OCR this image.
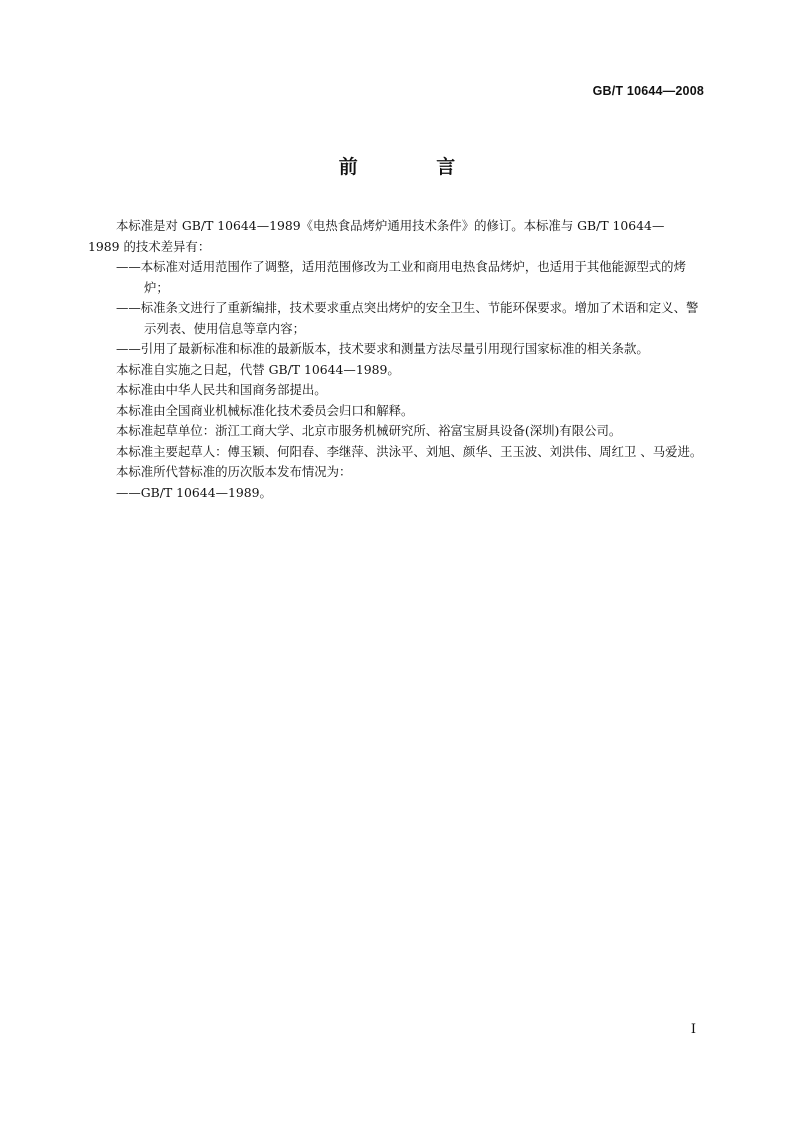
GB/T 10644—2008
前 言

本标准是对 GB/T 10644—1989《电热食品烤炉通用技术条件》的修订。本标准与 GB/T 10644—

1989 的技术差异有：

——本标准对适用范围作了调整，适用范围修改为工业和商用电热食品烤炉，也适用于其他能源型式的烤炉；

——标准条文进行了重新编排，技术要求重点突出烤炉的安全卫生、节能环保要求。增加了术语和定义、警示列表、使用信息等章内容；

——引用了最新标准和标准的最新版本，技术要求和测量方法尽量引用现行国家标准的相关条款。

本标准自实施之日起，代替 GB/T 10644—1989。

本标准由中华人民共和国商务部提出。

本标准由全国商业机械标准化技术委员会归口和解释。

本标准起草单位：浙江工商大学、北京市服务机械研究所、裕富宝厨具设备(深圳)有限公司。

本标准主要起草人：傅玉颖、何阳春、李继萍、洪泳平、刘旭、颜华、王玉波、刘洪伟、周红卫 、马爱进。

本标准所代替标准的历次版本发布情况为：

——GB/T 10644—1989。

I
